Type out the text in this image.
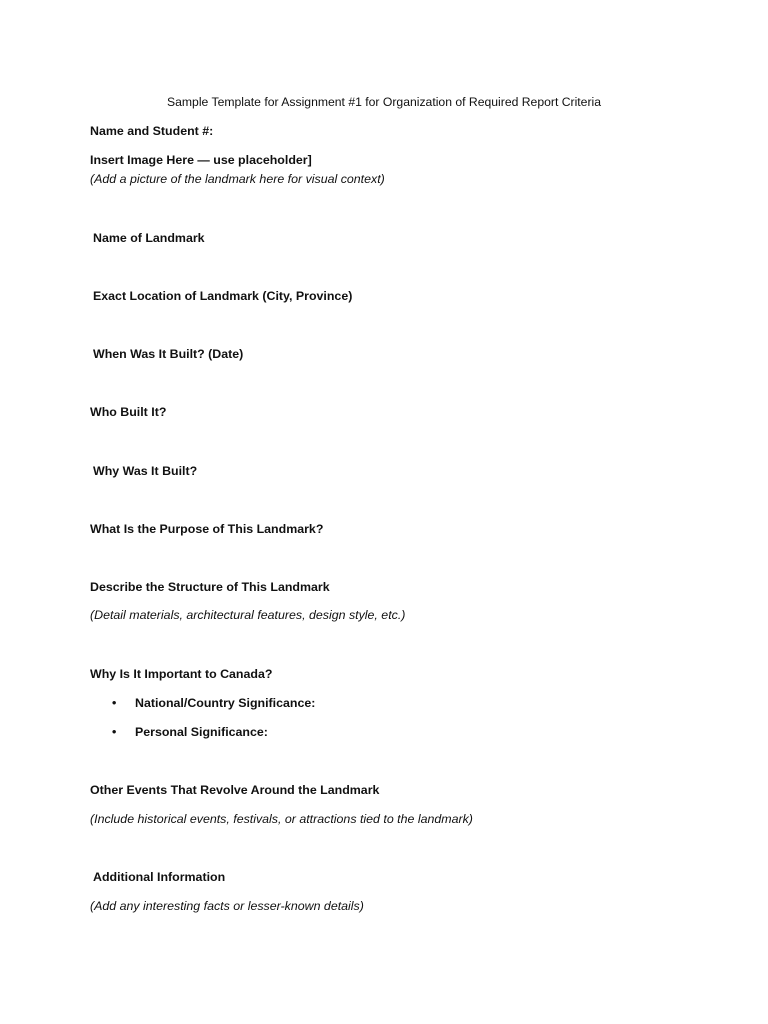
Sample Template for Assignment #1 for Organization of Required Report Criteria

Name and Student #:

Insert Image Here — use placeholder]

(Add a picture of the landmark here for visual context)

Name of Landmark

Exact Location of Landmark (City, Province)

When Was It Built? (Date)

Who Built It?

Why Was It Built?

What Is the Purpose of This Landmark?

Describe the Structure of This Landmark

(Detail materials, architectural features, design style, etc.)

Why Is It Important to Canada?

• National/Country Significance:
• Personal Significance:

Other Events That Revolve Around the Landmark

(Include historical events, festivals, or attractions tied to the landmark)

Additional Information

(Add any interesting facts or lesser-known details)
